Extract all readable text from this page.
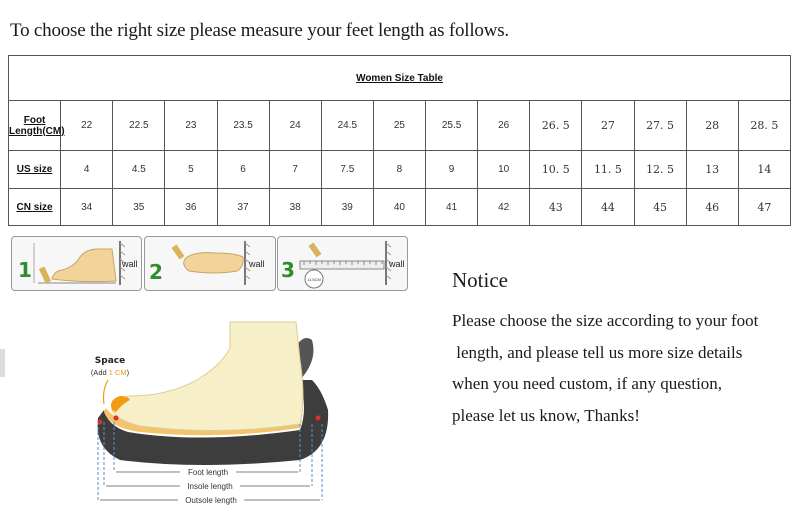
To choose the right size please measure your feet length as follows.
Women Size Table														
Foot
Length(CM)	22	22.5	23	23.5	24	24.5	25	25.5	26	26. 5	27	27. 5	28	28. 5
US size	4	4.5	5	6	7	7.5	8	9	10	10. 5	11. 5	12. 5	13	14
CN size	34	35	36	37	38	39	40	41	42	43	44	45	46	47
1	wall 2	wall
11.5CM
3	wall
Foot length
Insole length
Outsole length
Space
(Add 1 CM)
Notice
Please choose the size according to your foot
length, and please tell us more size details
when you need custom, if any question,
please let us know, Thanks!
